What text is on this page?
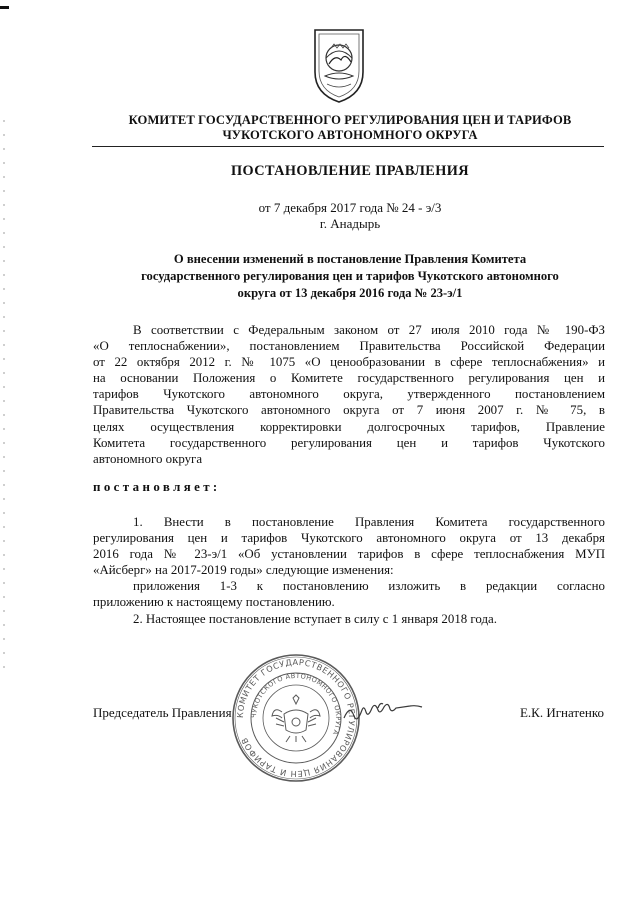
КОМИТЕТ ГОСУДАРСТВЕННОГО РЕГУЛИРОВАНИЯ ЦЕН И ТАРИФОВ
ЧУКОТСКОГО АВТОНОМНОГО ОКРУГА
ПОСТАНОВЛЕНИЕ ПРАВЛЕНИЯ
от 7 декабря 2017 года № 24 - э/3
г. Анадырь
О внесении изменений в постановление Правления Комитета
государственного регулирования цен и тарифов Чукотского автономного
округа от 13 декабря 2016 года № 23-э/1
В соответствии с Федеральным законом от 27 июля 2010 года № 190-ФЗ
«О теплоснабжении», постановлением Правительства Российской Федерации
от 22 октября 2012 г. № 1075 «О ценообразовании в сфере теплоснабжения» и
на основании Положения о Комитете государственного регулирования цен и
тарифов Чукотского автономного округа, утвержденного постановлением
Правительства Чукотского автономного округа от 7 июня 2007 г. № 75, в
целях осуществления корректировки долгосрочных тарифов, Правление
Комитета государственного регулирования цен и тарифов Чукотского
автономного округа
постановляет:
1. Внести в постановление Правления Комитета государственного
регулирования цен и тарифов Чукотского автономного округа от 13 декабря
2016 года № 23-э/1 «Об установлении тарифов в сфере теплоснабжения МУП
«Айсберг» на 2017-2019 годы» следующие изменения:
приложения 1-3 к постановлению изложить в редакции согласно
приложению к настоящему постановлению.
2. Настоящее постановление вступает в силу с 1 января 2018 года.
Председатель Правления КОМИТЕТ ГОСУДАРСТВЕННОГО РЕГУЛИРОВАНИЯ ЦЕН И ТАРИФОВ
ЧУКОТСКОГО АВТОНОМНОГО ОКРУГА
Е.К. Игнатенко
